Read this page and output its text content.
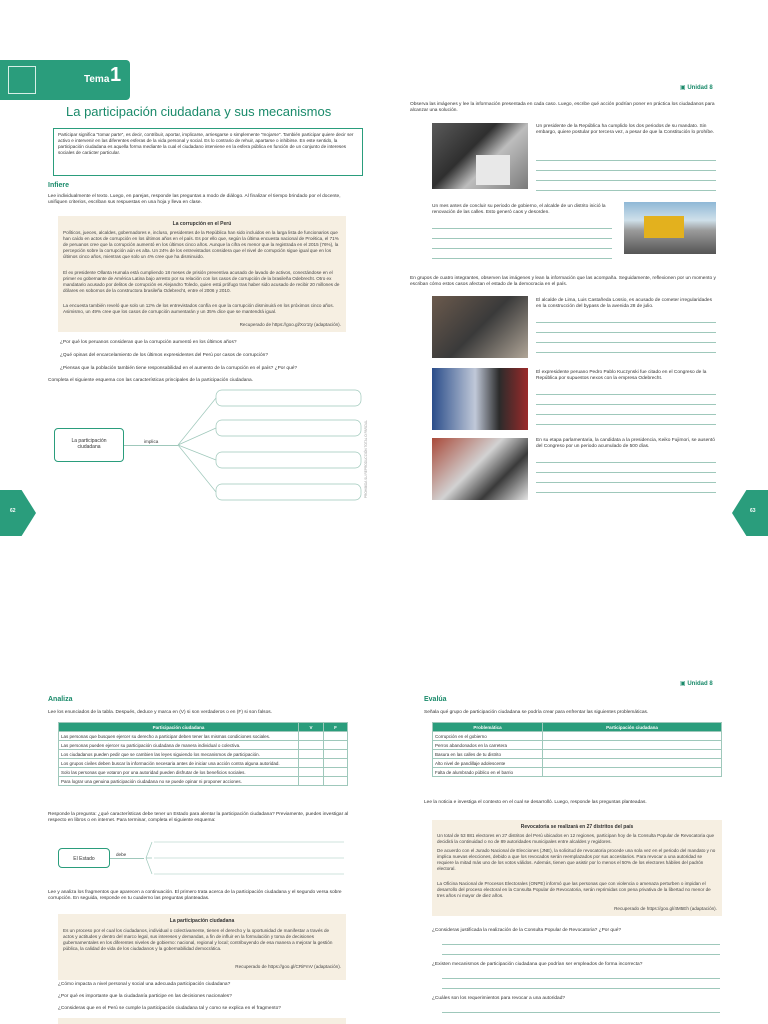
Tema 1
La participación ciudadana y sus mecanismos
Participar significa "tomar parte", es decir, contribuir, aportar, implicarse, arriesgarse o simplemente "mojarse". También participar quiere decir ser activo e intervenir en las diferentes esferas de la vida personal y social. Es lo contrario de rehuir, apartarse o inhibirse. En este sentido, la participación ciudadana es aquella forma mediante la cual el ciudadano interviene en la esfera pública en función de un conjunto de intereses sociales de carácter particular.
Infiere
Lee individualmente el texto. Luego, en parejas, responde las preguntas a modo de diálogo. Al finalizar el tiempo brindado por el docente, unifiquen criterios, escriban sus respuestas en una hoja y lleva en clase.
La corrupción en el Perú
Políticos, jueces, alcaldes, gobernadores e, incluso, presidentes de la República han sido incluidos en la larga lista de funcionarios que han caído en actos de corrupción en los últimos años en el país. Es por ello que, según la última encuesta nacional de Proética, el 71% de peruanos cree que la corrupción aumentó en los últimos cinco años. Aunque la cifra es menor que la registrada en el 2015 (76%), la percepción sobre la corrupción aún es alta. Un 24% de los entrevistados considera que el nivel de corrupción sigue igual que en los últimos cinco años, mientras que solo un 4% cree que ha disminuido.
El ex presidente Ollanta Humala está cumpliendo 18 meses de prisión preventiva acusado de lavado de activos, conectándose en el primer ex gobernante de América Latina bajo arresto por su relación con los casos de corrupción de la brasileña Odebrecht. Otro ex mandatario acusado por delitos de corrupción es Alejandro Toledo, quien está prófugo tras haber sido acusado de recibir 20 millones de dólares en sobornos de la constructora brasileña Odebrecht, entre el 2006 y 2010.
La encuesta también reveló que solo un 12% de los entrevistados confía en que la corrupción disminuirá en los próximos cinco años. Asimismo, un 49% cree que los casos de corrupción aumentarán y un 35% dice que se mantendrá igual.
Recuperado de https://goo.gl/Xcr1ty (adaptación).
¿Por qué los peruanos consideran que la corrupción aumentó en los últimos años?
¿Qué opinas del encarcelamiento de los últimos expresidentes del Perú por casos de corrupción?
¿Piensas que la población también tiene responsabilidad en el aumento de la corrupción en el país? ¿Por qué?
Completa el siguiente esquema con las características principales de la participación ciudadana.
La participación ciudadana
implica
62
PROHIBIDA SU REPRODUCCIÓN TOTAL O PARCIAL
▣ Unidad 8
Observa las imágenes y lee la información presentada en cada caso. Luego, escribe qué acción podrían poner en práctica los ciudadanos para alcanzar una solución.
Un presidente de la República ha cumplido los dos periodos de su mandato. Sin embargo, quiere postular por tercera vez, a pesar de que la Constitución lo prohíbe.
Un mes antes de concluir su periodo de gobierno, el alcalde de un distrito inició la renovación de las calles. Esto generó caos y desorden.
En grupos de cuatro integrantes, observen las imágenes y lean la información que las acompaña. Seguidamente, reflexionen por un momento y escriban cómo estos casos afectan el estado de la democracia en el país.
El alcalde de Lima, Luis Castañeda Lossio, es acusado de cometer irregularidades en la construcción del bypass de la avenida 28 de julio.
El expresidente peruano Pedro Pablo Kuczynski fue citado en el Congreso de la República por supuestos nexos con la empresa Odebrecht.
En su etapa parlamentaria, la candidata a la presidencia, Keiko Fujimori, se ausentó del Congreso por un periodo acumulado de 500 días.
63
Analiza
Lee los enunciados de la tabla. Después, deduce y marca en (V) si son verdaderos o en (F) si son falsos.
Participación ciudadana	V	F
Las personas que busquen ejercer su derecho a participar deben tener las mismas condiciones sociales.		
Las personas pueden ejercer su participación ciudadana de manera individual o colectiva.		
Los ciudadanos pueden pedir que se cambien las leyes siguiendo los mecanismos de participación.		
Los grupos civiles deben buscar la información necesaria antes de iniciar una acción contra alguna autoridad.		
Solo las personas que votaron por una autoridad pueden disfrutar de los beneficios sociales.		
Para lograr una genuina participación ciudadana no se puede opinar ni proponer acciones.		
Responde la pregunta: ¿qué características debe tener un Estado para alentar la participación ciudadana? Previamente, puedes investigar al respecto en libros o en internet. Para terminar, completa el siguiente esquema:
El Estado
debe
Lee y analiza los fragmentos que aparecen a continuación. El primero trata acerca de la participación ciudadana y el segundo versa sobre corrupción. En seguida, responde en tu cuaderno las preguntas planteadas.
La participación ciudadana
Es un proceso por el cual los ciudadanos, individual o colectivamente, tienen el derecho y la oportunidad de manifestar a través de actos y actitudes y dentro del marco legal, sus intereses y demandas, a fin de influir en la formulación y toma de decisiones gubernamentales en los diferentes niveles de gobierno: nacional, regional y local; contribuyendo de esa manera a mejorar la gestión pública, la calidad de vida de los ciudadanos y la gobernabilidad democrática.
Recuperado de https://goo.gl/CRiFmV (adaptación).
¿Cómo impacta a nivel personal y social una adecuada participación ciudadana?
¿Por qué es importante que la ciudadanía participe en las decisiones nacionales?
¿Consideras que en el Perú se cumple la participación ciudadana tal y como se explica en el fragmento?
▣ Unidad 8
Evalúa
Señala qué grupo de participación ciudadana se podría crear para enfrentar las siguientes problemáticas.
Problemática	Participación ciudadana
Corrupción en el gobierno	
Perros abandonados en la carretera	
Basura en las calles de tu distrito	
Alto nivel de pandillaje adolescente	
Falta de alumbrado público en el barrio	
Lee la noticia e investiga el contexto en el cual se desarrolló. Luego, responde las preguntas planteadas.
Revocatoria se realizará en 27 distritos del país
Un total de 53 881 electores en 27 distritos del Perú ubicados en 12 regiones, participan hoy de la Consulta Popular de Revocatoria que decidirá la continuidad o no de 89 autoridades municipales entre alcaldes y regidores.
De acuerdo con el Jurado Nacional de Elecciones (JNE), la solicitud de revocatoria procede una sola vez en el periodo del mandato y no implica nuevas elecciones, debido a que los revocados serán reemplazados por sus accesitarios. Para revocar a una autoridad se requiere la mitad más uno de los votos válidos. Además, tienen que asistir por lo menos el 50% de los electores hábiles del padrón electoral.
La Oficina Nacional de Procesos Electorales (ONPE) informó que las personas que con violencia o amenaza perturben o impidan el desarrollo del proceso electoral en la Consulta Popular de Revocatoria, serán reprimidas con pena privativa de la libertad no menor de tres años ni mayor de diez años.
Recuperado de https://goo.gl/4M5Eh (adaptación).
¿Consideras justificada la realización de la Consulta Popular de Revocatoria? ¿Por qué?
¿Existen mecanismos de participación ciudadana que podrían ser empleados de forma incorrecta?
¿Cuáles son los requerimientos para revocar a una autoridad?
